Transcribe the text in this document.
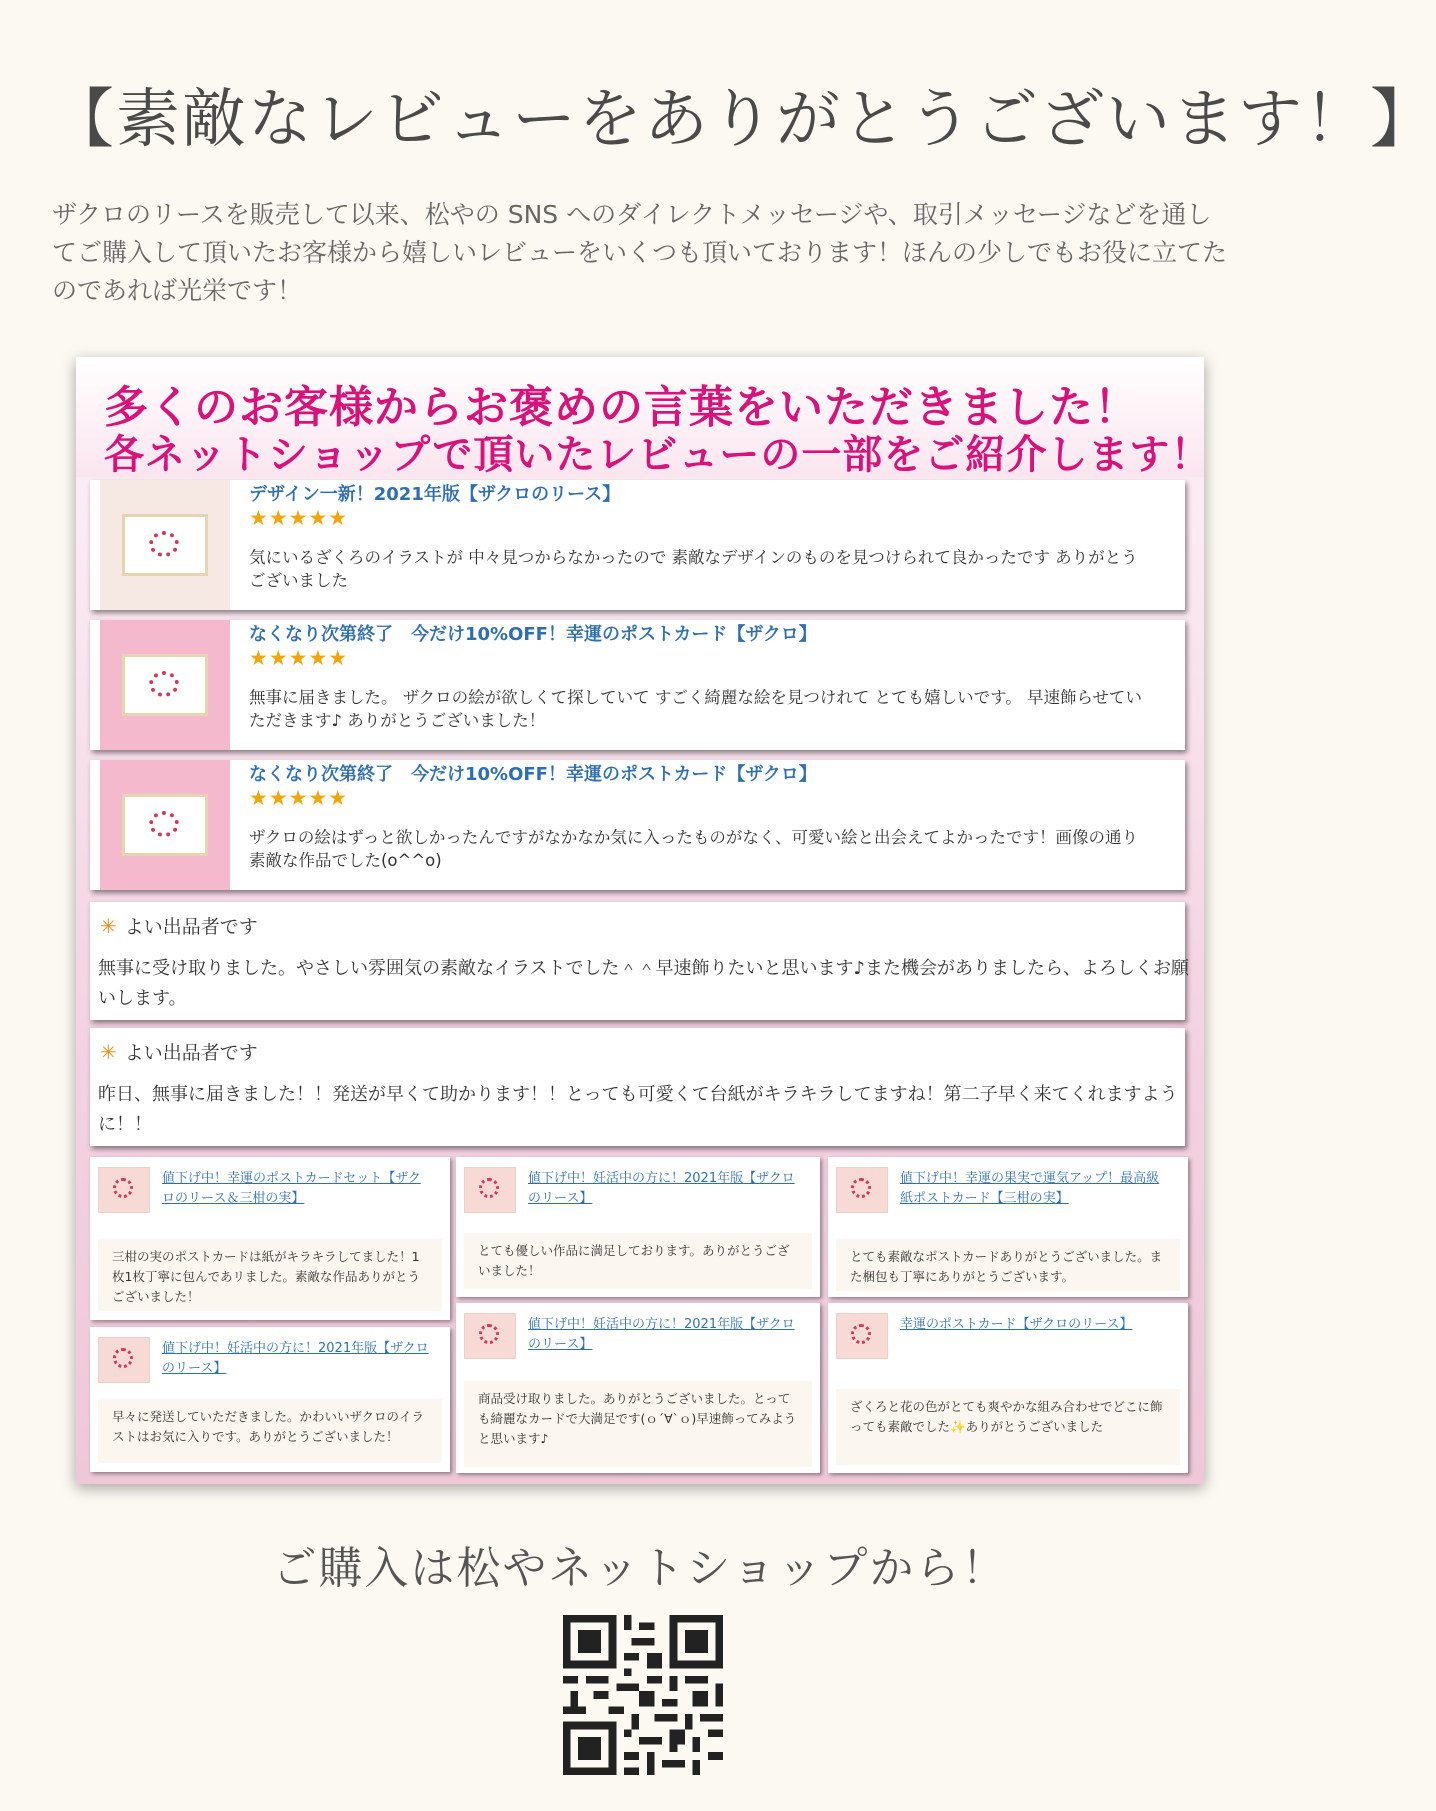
【素敵なレビューをありがとうございます！】

ザクロのリースを販売して以来、松やの SNS へのダイレクトメッセージや、取引メッセージなどを通してご購入して頂いたお客様から嬉しいレビューをいくつも頂いております！ほんの少しでもお役に立てたのであれば光栄です！

多くのお客様からお褒めの言葉をいただきました！
各ネットショップで頂いたレビューの一部をご紹介します！
デザイン一新！2021年版【ザクロのリース】
★★★★★
気にいるざくろのイラストが 中々見つからなかったので 素敵なデザインのものを見つけられて良かったです ありがとうございました
なくなり次第終了　今だけ10%OFF！幸運のポストカード【ザクロ】
★★★★★
無事に届きました。 ザクロの絵が欲しくて探していて すごく綺麗な絵を見つけれて とても嬉しいです。 早速飾らせていただきます♪ ありがとうございました！
なくなり次第終了　今だけ10%OFF！幸運のポストカード【ザクロ】
★★★★★
ザクロの絵はずっと欲しかったんですがなかなか気に入ったものがなく、可愛い絵と出会えてよかったです！画像の通り素敵な作品でした(o^^o)
✳ よい出品者です
無事に受け取りました。やさしい雰囲気の素敵なイラストでした＾＾早速飾りたいと思います♪また機会がありましたら、よろしくお願いします。
✳ よい出品者です
昨日、無事に届きました！！発送が早くて助かります！！とっても可愛くて台紙がキラキラしてますね！第二子早く来てくれますように！！
値下げ中！幸運のポストカードセット【ザクロのリース＆三柑の実】
三柑の実のポストカードは紙がキラキラしてました！1枚1枚丁寧に包んであリました。素敵な作品ありがとうございました！
値下げ中！妊活中の方に！2021年版【ザクロのリース】
早々に発送していただきました。かわいいザクロのイラストはお気に入りです。ありがとうございました！
値下げ中！妊活中の方に！2021年版【ザクロのリース】
とても優しい作品に満足しております。ありがとうございました！
値下げ中！妊活中の方に！2021年版【ザクロのリース】
商品受け取りました。ありがとうございました。とっても綺麗なカードで大満足です(ｏ´∀`ｏ)早速飾ってみようと思います♪
値下げ中！幸運の果実で運気アップ！最高級紙ポストカード【三柑の実】
とても素敵なポストカードありがとうございました。また梱包も丁寧にありがとうございます。
幸運のポストカード【ザクロのリース】
ざくろと花の色がとても爽やかな組み合わせでどこに飾っても素敵でした✨ありがとうございました

ご購入は松やネットショップから！
